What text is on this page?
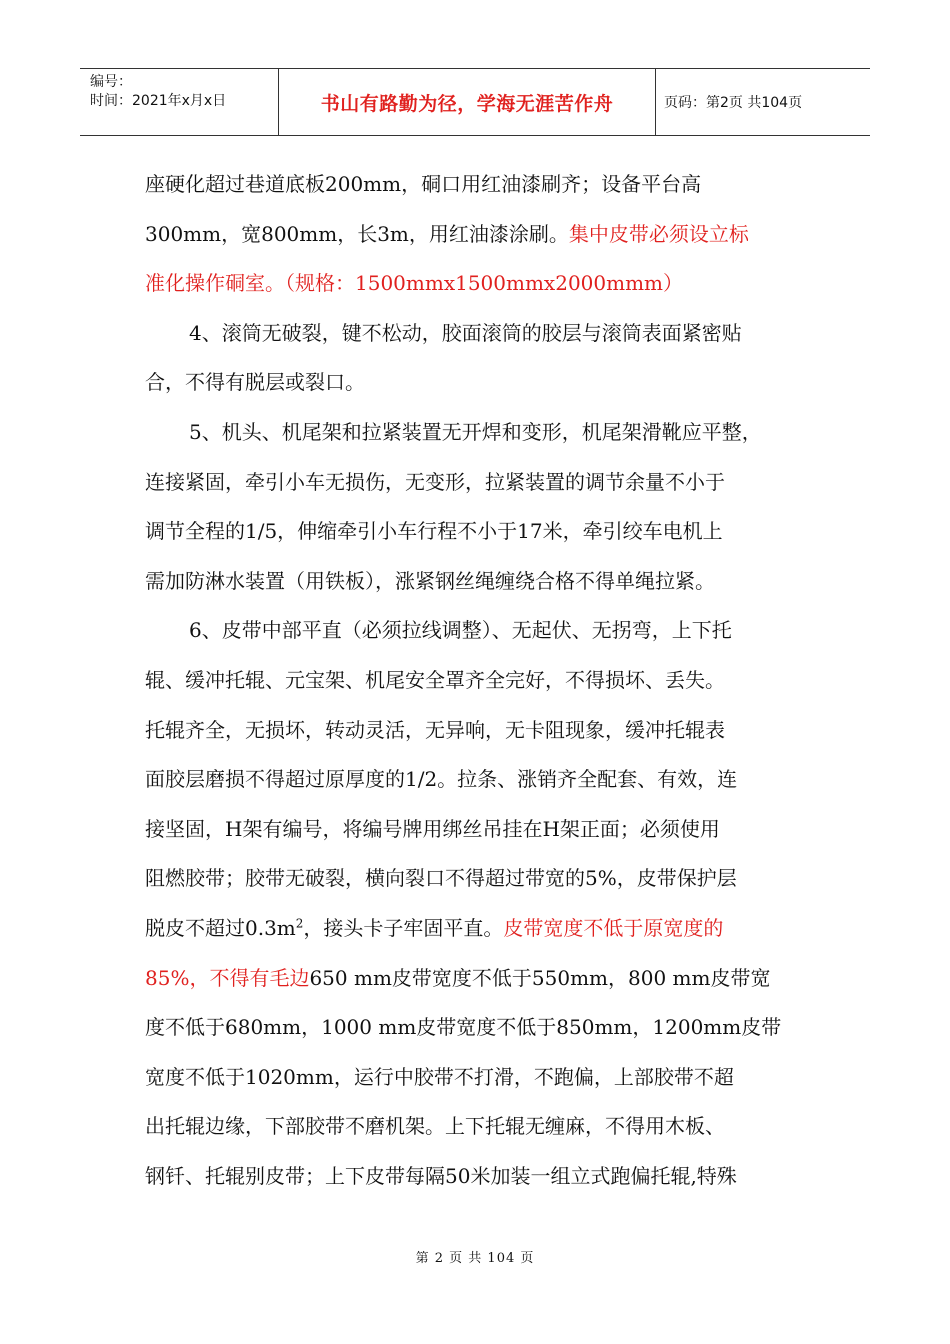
编号：
时间：2021年x月x日	书山有路勤为径，学海无涯苦作舟	页码：第2页 共104页
座硬化超过巷道底板200mm，硐口用红油漆刷齐；设备平台高
300mm，宽800mm，长3m，用红油漆涂刷。集中皮带必须设立标
准化操作硐室。（规格：1500mmx1500mmx2000mmm）
4、滚筒无破裂，键不松动，胶面滚筒的胶层与滚筒表面紧密贴
合，不得有脱层或裂口。
5、机头、机尾架和拉紧装置无开焊和变形，机尾架滑靴应平整，
连接紧固，牵引小车无损伤，无变形，拉紧装置的调节余量不小于
调节全程的1/5，伸缩牵引小车行程不小于17米，牵引绞车电机上
需加防淋水装置（用铁板），涨紧钢丝绳缠绕合格不得单绳拉紧。
6、皮带中部平直（必须拉线调整）、无起伏、无拐弯，上下托
辊、缓冲托辊、元宝架、机尾安全罩齐全完好，不得损坏、丢失。
托辊齐全，无损坏，转动灵活，无异响，无卡阻现象，缓冲托辊表
面胶层磨损不得超过原厚度的1/2。拉条、涨销齐全配套、有效，连
接坚固，H架有编号，将编号牌用绑丝吊挂在H架正面；必须使用
阻燃胶带；胶带无破裂，横向裂口不得超过带宽的5%，皮带保护层
脱皮不超过$0.3m^2$，接头卡子牢固平直。皮带宽度不低于原宽度的
85%，不得有毛边650 mm皮带宽度不低于550mm，800 mm皮带宽
度不低于680mm，1000 mm皮带宽度不低于850mm，1200mm皮带
宽度不低于1020mm，运行中胶带不打滑，不跑偏，上部胶带不超
出托辊边缘，下部胶带不磨机架。上下托辊无缠麻，不得用木板、
钢钎、托辊别皮带；上下皮带每隔50米加装一组立式跑偏托辊,特殊
第 2 页 共 104 页
